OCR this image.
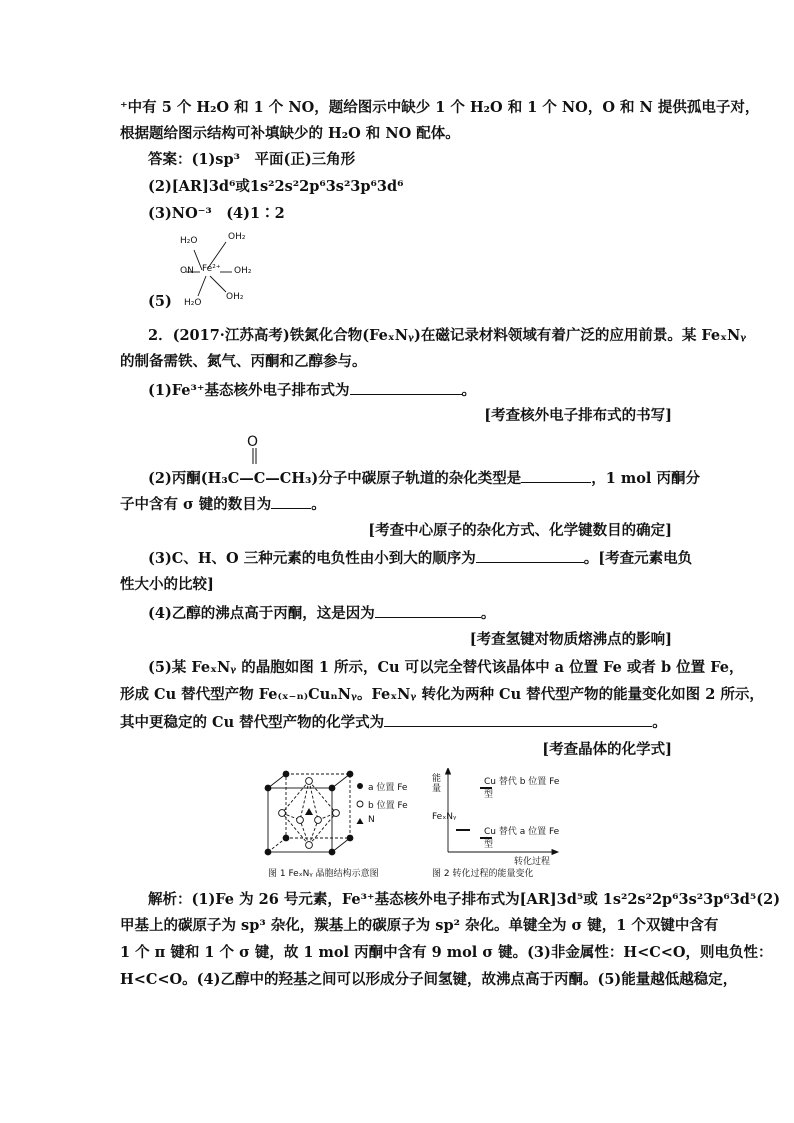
⁺中有 5 个 H₂O 和 1 个 NO，题给图示中缺少 1 个 H₂O 和 1 个 NO，O 和 N 提供孤电子对，
根据题给图示结构可补填缺少的 H₂O 和 NO 配体。
答案：(1)sp³　平面(正)三角形
(2)[AR]3d⁶或1s²2s²2p⁶3s²3p⁶3d⁶
(3)NO⁻³　(4)1∶2
H₂O	OH₂
ON Fe²⁺ OH₂
H₂O
OH₂
(5)
2．(2017·江苏高考)铁氮化合物(FeₓNᵧ)在磁记录材料领域有着广泛的应用前景。某 FeₓNᵧ
的制备需铁、氮气、丙酮和乙醇参与。
(1)Fe³⁺基态核外电子排布式为	。
[考查核外电子排布式的书写]
O
(2)丙酮(H₃C—C—CH₃)分子中碳原子轨道的杂化类型是	，1 mol 丙酮分
子中含有 σ 键的数目为	。
[考查中心原子的杂化方式、化学键数目的确定]
(3)C、H、O 三种元素的电负性由小到大的顺序为	。[考查元素电负
性大小的比较]
(4)乙醇的沸点高于丙酮，这是因为	。
[考查氢键对物质熔沸点的影响]
(5)某 FeₓNᵧ 的晶胞如图 1 所示，Cu 可以完全替代该晶体中 a 位置 Fe 或者 b 位置 Fe，
形成 Cu 替代型产物 Fe₍ₓ₋ₙ₎CuₙNᵧ。FeₓNᵧ 转化为两种 Cu 替代型产物的能量变化如图 2 所示，
其中更稳定的 Cu 替代型产物的化学式为	。
[考查晶体的化学式]
a 位置 Fe
b 位置 Fe
N
图 1 FeₓNᵧ 晶胞结构示意图
能量
转化过程
Cu 替代 b 位置 Fe 型
FeₓNᵧ
Cu 替代 a 位置 Fe 型
图 2 转化过程的能量变化
解析：(1)Fe 为 26 号元素，Fe³⁺基态核外电子排布式为[AR]3d⁵或 1s²2s²2p⁶3s²3p⁶3d⁵(2)
甲基上的碳原子为 sp³ 杂化，羰基上的碳原子为 sp² 杂化。单键全为 σ 键，1 个双键中含有
1 个 π 键和 1 个 σ 键，故 1 mol 丙酮中含有 9 mol σ 键。(3)非金属性：H<C<O，则电负性：
H<C<O。(4)乙醇中的羟基之间可以形成分子间氢键，故沸点高于丙酮。(5)能量越低越稳定，
